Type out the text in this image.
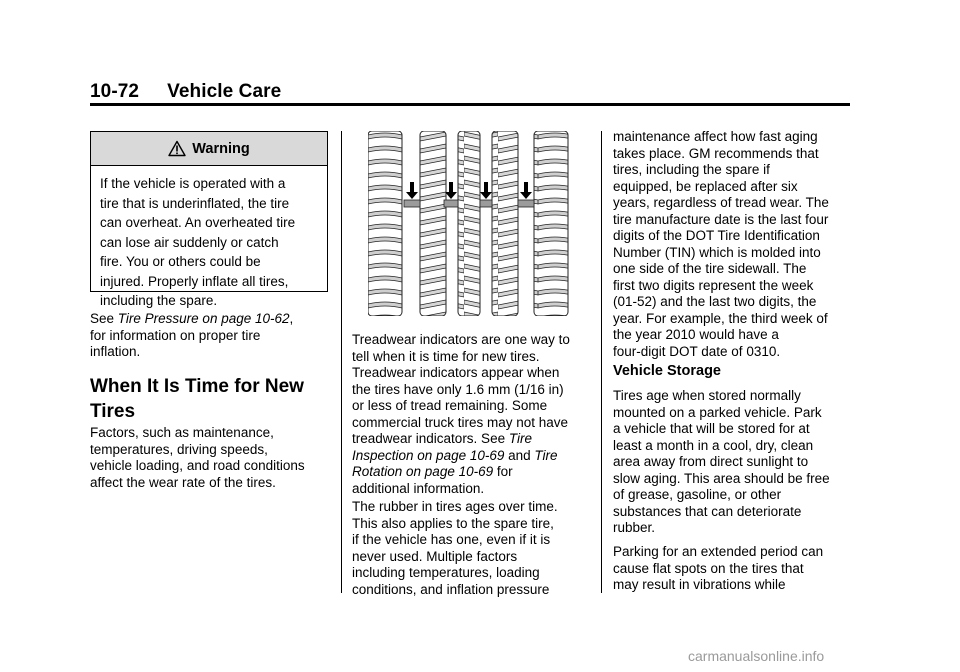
10-72 Vehicle Care
Warning
If the vehicle is operated with a
tire that is underinflated, the tire
can overheat. An overheated tire
can lose air suddenly or catch
fire. You or others could be
injured. Properly inflate all tires,
including the spare.
See Tire Pressure on page 10-62,
for information on proper tire
inflation.
When It Is Time for New
Tires
Factors, such as maintenance,
temperatures, driving speeds,
vehicle loading, and road conditions
affect the wear rate of the tires.
Treadwear indicators are one way to
tell when it is time for new tires.
Treadwear indicators appear when
the tires have only 1.6 mm (1/16 in)
or less of tread remaining. Some
commercial truck tires may not have
treadwear indicators. See Tire
Inspection on page 10-69 and Tire
Rotation on page 10-69 for
additional information.
The rubber in tires ages over time.
This also applies to the spare tire,
if the vehicle has one, even if it is
never used. Multiple factors
including temperatures, loading
conditions, and inflation pressure
maintenance affect how fast aging
takes place. GM recommends that
tires, including the spare if
equipped, be replaced after six
years, regardless of tread wear. The
tire manufacture date is the last four
digits of the DOT Tire Identification
Number (TIN) which is molded into
one side of the tire sidewall. The
first two digits represent the week
(01-52) and the last two digits, the
year. For example, the third week of
the year 2010 would have a
four-digit DOT date of 0310.
Vehicle Storage
Tires age when stored normally
mounted on a parked vehicle. Park
a vehicle that will be stored for at
least a month in a cool, dry, clean
area away from direct sunlight to
slow aging. This area should be free
of grease, gasoline, or other
substances that can deteriorate
rubber.
Parking for an extended period can
cause flat spots on the tires that
may result in vibrations while
carmanualsonline.info
